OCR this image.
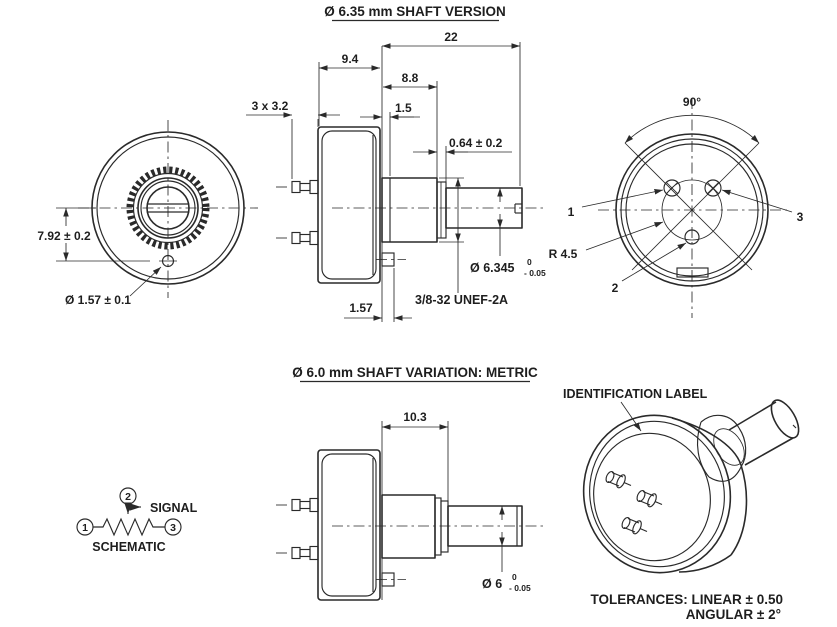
Ø 6.35 mm SHAFT VERSION
Ø 6.0 mm SHAFT VARIATION: METRIC
7.92 ± 0.2
Ø 1.57 ± 0.1
22
9.4
8.8
3 x 3.2	1.5
0.64 ± 0.2
Ø 6.345 0
- 0.05
3/8-32 UNEF-2A
1.57
90°
1	3
2
R 4.5
10.3
Ø 6 0
- 0.05
2
SIGNAL
1	3
SCHEMATIC
IDENTIFICATION LABEL
TOLERANCES: LINEAR ± 0.50
ANGULAR ± 2°
